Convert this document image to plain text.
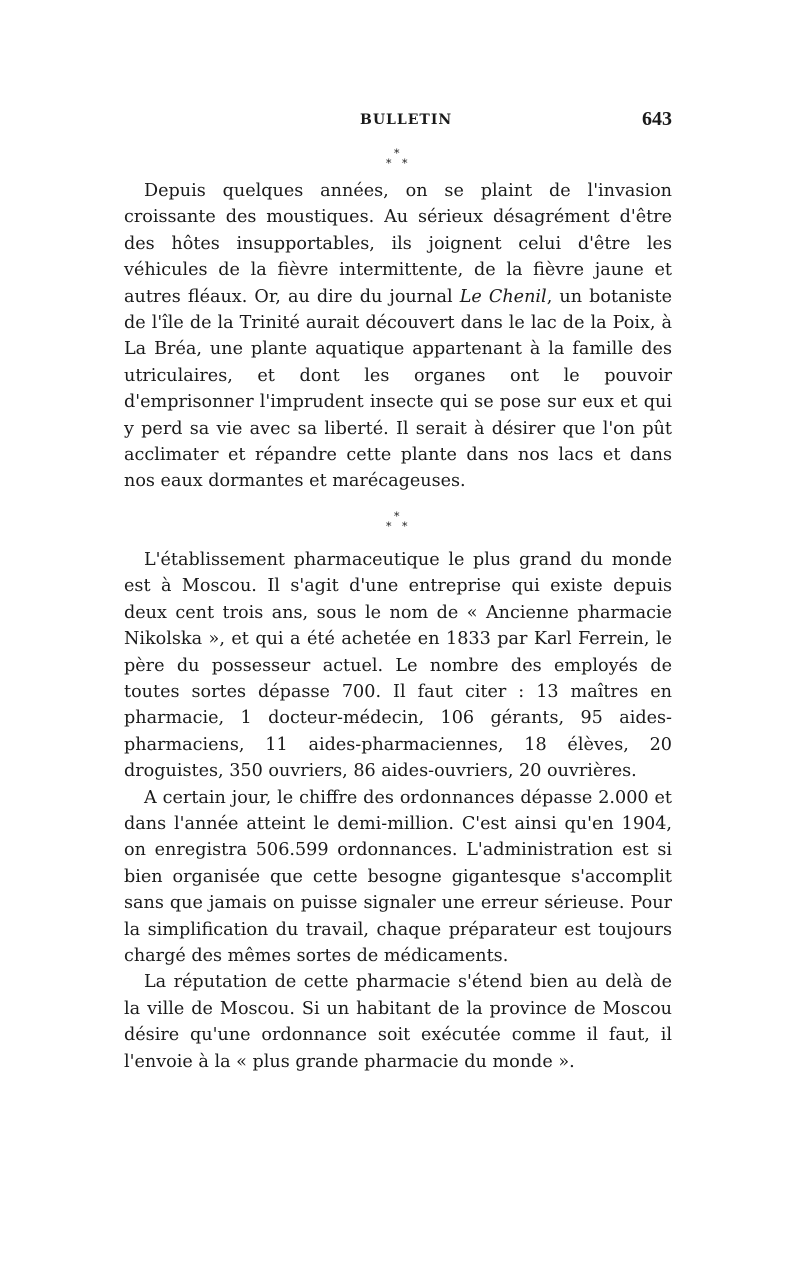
BULLETIN	643
*
* *

Depuis quelques années, on se plaint de l'invasion croissante des moustiques. Au sérieux désagrément d'être des hôtes insupportables, ils joignent celui d'être les véhicules de la fièvre intermittente, de la fièvre jaune et autres fléaux. Or, au dire du journal Le Chenil, un botaniste de l'île de la Trinité aurait découvert dans le lac de la Poix, à La Bréa, une plante aquatique appartenant à la famille des utriculaires, et dont les organes ont le pouvoir d'emprisonner l'imprudent insecte qui se pose sur eux et qui y perd sa vie avec sa liberté. Il serait à désirer que l'on pût acclimater et répandre cette plante dans nos lacs et dans nos eaux dormantes et marécageuses.

*
* *

L'établissement pharmaceutique le plus grand du monde est à Moscou. Il s'agit d'une entreprise qui existe depuis deux cent trois ans, sous le nom de « Ancienne pharmacie Nikolska », et qui a été achetée en 1833 par Karl Ferrein, le père du possesseur actuel. Le nombre des employés de toutes sortes dépasse 700. Il faut citer : 13 maîtres en pharmacie, 1 docteur-médecin, 106 gérants, 95 aides-pharmaciens, 11 aides-pharmaciennes, 18 élèves, 20 droguistes, 350 ouvriers, 86 aides-ouvriers, 20 ouvrières.

A certain jour, le chiffre des ordonnances dépasse 2.000 et dans l'année atteint le demi-million. C'est ainsi qu'en 1904, on enregistra 506.599 ordonnances. L'administration est si bien organisée que cette besogne gigantesque s'accomplit sans que jamais on puisse signaler une erreur sérieuse. Pour la simplification du travail, chaque préparateur est toujours chargé des mêmes sortes de médicaments.

La réputation de cette pharmacie s'étend bien au delà de la ville de Moscou. Si un habitant de la province de Moscou désire qu'une ordonnance soit exécutée comme il faut, il l'envoie à la « plus grande pharmacie du monde ».
